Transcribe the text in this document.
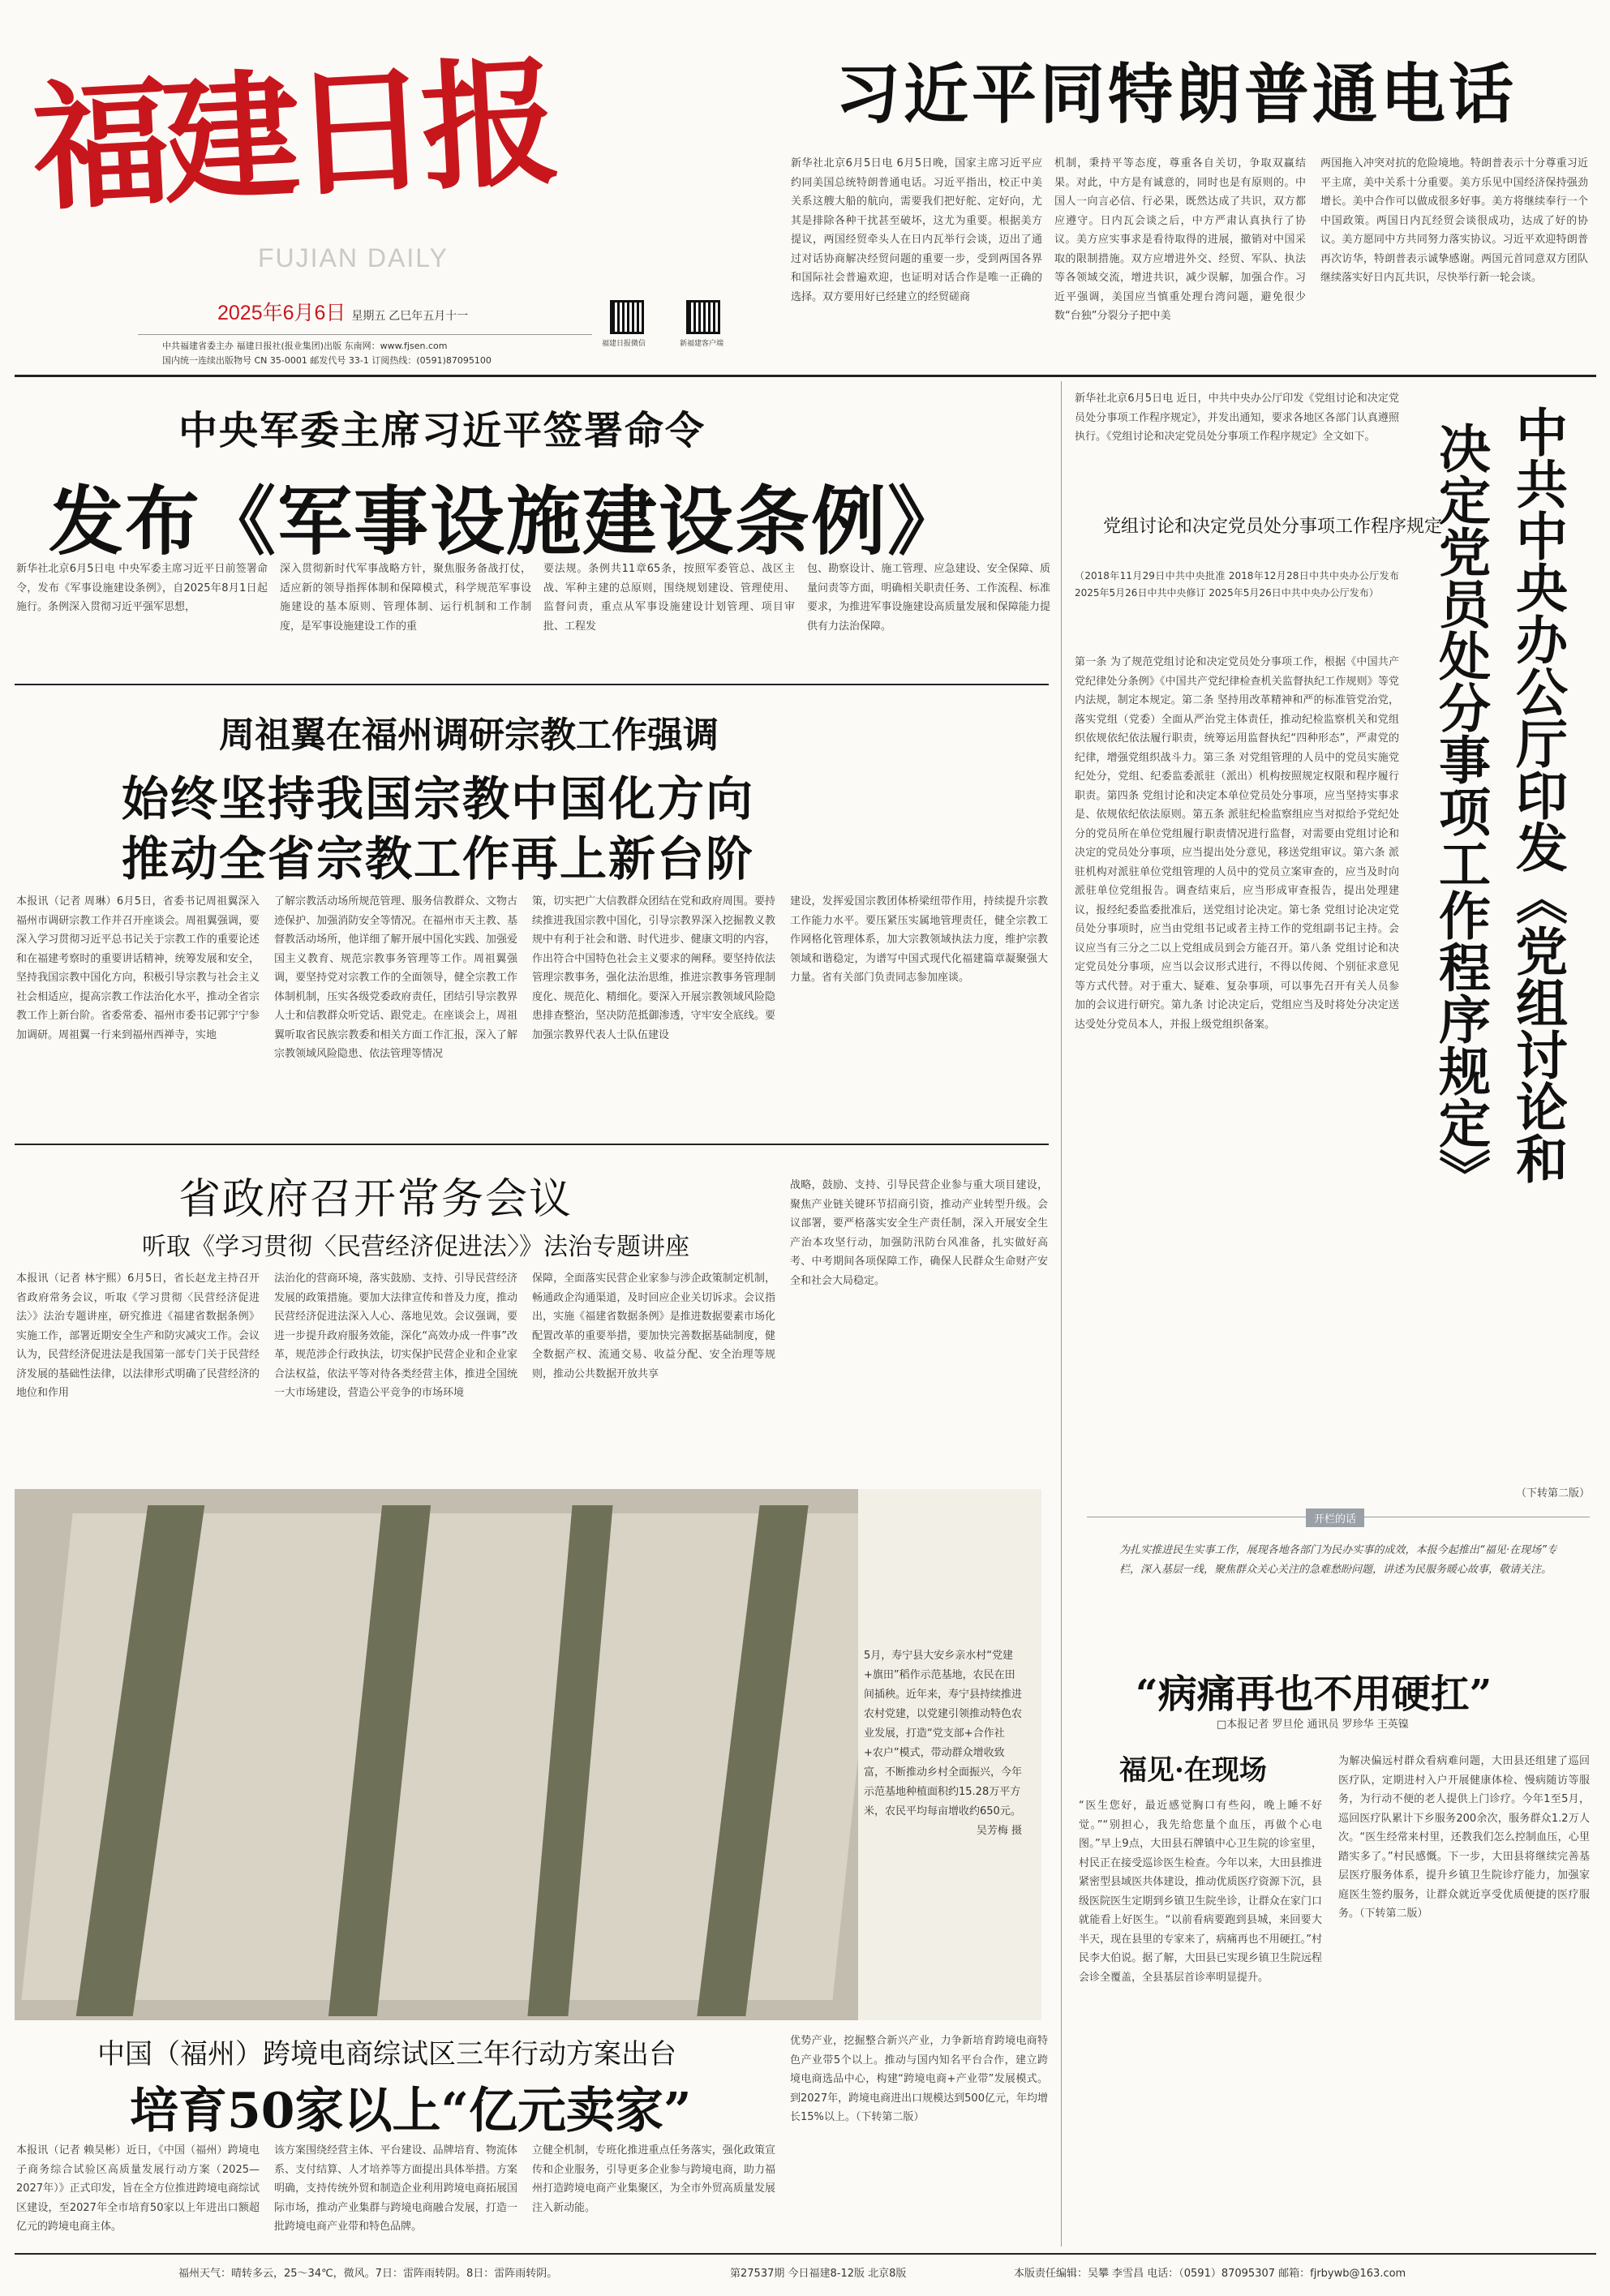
福建日报
FUJIAN DAILY
2025年6月6日 星期五 乙巳年五月十一
中共福建省委主办 福建日报社(报业集团)出版 东南网：www.fjsen.com
国内统一连续出版物号 CN 35-0001 邮发代号 33-1 订阅热线：(0591)87095100
福建日报微信	新福建客户端
习近平同特朗普通电话
新华社北京6月5日电 6月5日晚，国家主席习近平应约同美国总统特朗普通电话。习近平指出，校正中美关系这艘大船的航向，需要我们把好舵、定好向，尤其是排除各种干扰甚至破坏，这尤为重要。根据美方提议，两国经贸牵头人在日内瓦举行会谈，迈出了通过对话协商解决经贸问题的重要一步，受到两国各界和国际社会普遍欢迎，也证明对话合作是唯一正确的选择。双方要用好已经建立的经贸磋商
机制，秉持平等态度，尊重各自关切，争取双赢结果。对此，中方是有诚意的，同时也是有原则的。中国人一向言必信、行必果，既然达成了共识，双方都应遵守。日内瓦会谈之后，中方严肃认真执行了协议。美方应实事求是看待取得的进展，撤销对中国采取的限制措施。双方应增进外交、经贸、军队、执法等各领域交流，增进共识，减少误解，加强合作。习近平强调，美国应当慎重处理台湾问题，避免很少数“台独”分裂分子把中美
两国拖入冲突对抗的危险境地。特朗普表示十分尊重习近平主席，美中关系十分重要。美方乐见中国经济保持强劲增长。美中合作可以做成很多好事。美方将继续奉行一个中国政策。两国日内瓦经贸会谈很成功，达成了好的协议。美方愿同中方共同努力落实协议。习近平欢迎特朗普再次访华，特朗普表示诚挚感谢。两国元首同意双方团队继续落实好日内瓦共识，尽快举行新一轮会谈。
中央军委主席习近平签署命令
发布《军事设施建设条例》
新华社北京6月5日电 中央军委主席习近平日前签署命令，发布《军事设施建设条例》，自2025年8月1日起施行。条例深入贯彻习近平强军思想，
深入贯彻新时代军事战略方针，聚焦服务备战打仗，适应新的领导指挥体制和保障模式，科学规范军事设施建设的基本原则、管理体制、运行机制和工作制度，是军事设施建设工作的重
要法规。条例共11章65条，按照军委管总、战区主战、军种主建的总原则，围绕规划建设、管理使用、监督问责，重点从军事设施建设计划管理、项目审批、工程发
包、勘察设计、施工管理、应急建设、安全保障、质量问责等方面，明确相关职责任务、工作流程、标准要求，为推进军事设施建设高质量发展和保障能力提供有力法治保障。
周祖翼在福州调研宗教工作强调
始终坚持我国宗教中国化方向
推动全省宗教工作再上新台阶
本报讯（记者 周琳）6月5日，省委书记周祖翼深入福州市调研宗教工作并召开座谈会。周祖翼强调，要深入学习贯彻习近平总书记关于宗教工作的重要论述和在福建考察时的重要讲话精神，统筹发展和安全，坚持我国宗教中国化方向，积极引导宗教与社会主义社会相适应，提高宗教工作法治化水平，推动全省宗教工作上新台阶。省委常委、福州市委书记郭宁宁参加调研。周祖翼一行来到福州西禅寺，实地
了解宗教活动场所规范管理、服务信教群众、文物古迹保护、加强消防安全等情况。在福州市天主教、基督教活动场所，他详细了解开展中国化实践、加强爱国主义教育、规范宗教事务管理等工作。周祖翼强调，要坚持党对宗教工作的全面领导，健全宗教工作体制机制，压实各级党委政府责任，团结引导宗教界人士和信教群众听党话、跟党走。在座谈会上，周祖翼听取省民族宗教委和相关方面工作汇报，深入了解宗教领域风险隐患、依法管理等情况
策，切实把广大信教群众团结在党和政府周围。要持续推进我国宗教中国化，引导宗教界深入挖掘教义教规中有利于社会和谐、时代进步、健康文明的内容，作出符合中国特色社会主义要求的阐释。要坚持依法管理宗教事务，强化法治思维，推进宗教事务管理制度化、规范化、精细化。要深入开展宗教领域风险隐患排查整治，坚决防范抵御渗透，守牢安全底线。要加强宗教界代表人士队伍建设
建设，发挥爱国宗教团体桥梁纽带作用，持续提升宗教工作能力水平。要压紧压实属地管理责任，健全宗教工作网格化管理体系，加大宗教领域执法力度，维护宗教领域和谐稳定，为谱写中国式现代化福建篇章凝聚强大力量。省有关部门负责同志参加座谈。
省政府召开常务会议
听取《学习贯彻〈民营经济促进法〉》法治专题讲座
本报讯（记者 林宇熙）6月5日，省长赵龙主持召开省政府常务会议，听取《学习贯彻〈民营经济促进法〉》法治专题讲座，研究推进《福建省数据条例》实施工作，部署近期安全生产和防灾减灾工作。会议认为，民营经济促进法是我国第一部专门关于民营经济发展的基础性法律，以法律形式明确了民营经济的地位和作用
法治化的营商环境，落实鼓励、支持、引导民营经济发展的政策措施。要加大法律宣传和普及力度，推动民营经济促进法深入人心、落地见效。会议强调，要进一步提升政府服务效能，深化“高效办成一件事”改革，规范涉企行政执法，切实保护民营企业和企业家合法权益，依法平等对待各类经营主体，推进全国统一大市场建设，营造公平竞争的市场环境
保障，全面落实民营企业家参与涉企政策制定机制，畅通政企沟通渠道，及时回应企业关切诉求。会议指出，实施《福建省数据条例》是推进数据要素市场化配置改革的重要举措，要加快完善数据基础制度，健全数据产权、流通交易、收益分配、安全治理等规则，推动公共数据开放共享
战略，鼓励、支持、引导民营企业参与重大项目建设，聚焦产业链关键环节招商引资，推动产业转型升级。会议部署，要严格落实安全生产责任制，深入开展安全生产治本攻坚行动，加强防汛防台风准备，扎实做好高考、中考期间各项保障工作，确保人民群众生命财产安全和社会大局稳定。
5月，寿宁县大安乡亲水村“党建+旗田”稻作示范基地，农民在田间插秧。近年来，寿宁县持续推进农村党建，以党建引领推动特色农业发展，打造“党支部+合作社+农户”模式，带动群众增收致富，不断推动乡村全面振兴，今年示范基地种植面积约15.28万平方米，农民平均每亩增收约650元。

吴芳梅 摄
中国（福州）跨境电商综试区三年行动方案出台
培育50家以上“亿元卖家”
本报讯（记者 赖昊彬）近日，《中国（福州）跨境电子商务综合试验区高质量发展行动方案（2025—2027年）》正式印发，旨在全方位推进跨境电商综试区建设，至2027年全市培育50家以上年进出口额超亿元的跨境电商主体。
该方案围绕经营主体、平台建设、品牌培育、物流体系、支付结算、人才培养等方面提出具体举措。方案明确，支持传统外贸和制造企业利用跨境电商拓展国际市场，推动产业集群与跨境电商融合发展，打造一批跨境电商产业带和特色品牌。
立健全机制，专班化推进重点任务落实，强化政策宣传和企业服务，引导更多企业参与跨境电商，助力福州打造跨境电商产业集聚区，为全市外贸高质量发展注入新动能。
优势产业，挖掘整合新兴产业，力争新培育跨境电商特色产业带5个以上。推动与国内知名平台合作，建立跨境电商选品中心，构建“跨境电商+产业带”发展模式。到2027年，跨境电商进出口规模达到500亿元，年均增长15%以上。（下转第二版）
新华社北京6月5日电 近日，中共中央办公厅印发《党组讨论和决定党员处分事项工作程序规定》，并发出通知，要求各地区各部门认真遵照执行。《党组讨论和决定党员处分事项工作程序规定》全文如下。
党组讨论和决定党员处分事项工作程序规定
（2018年11月29日中共中央批准 2018年12月28日中共中央办公厅发布 2025年5月26日中共中央修订 2025年5月26日中共中央办公厅发布）
第一条 为了规范党组讨论和决定党员处分事项工作，根据《中国共产党纪律处分条例》《中国共产党纪律检查机关监督执纪工作规则》等党内法规，制定本规定。第二条 坚持用改革精神和严的标准管党治党，落实党组（党委）全面从严治党主体责任，推动纪检监察机关和党组织依规依纪依法履行职责，统筹运用监督执纪“四种形态”，严肃党的纪律，增强党组织战斗力。第三条 对党组管理的人员中的党员实施党纪处分，党组、纪委监委派驻（派出）机构按照规定权限和程序履行职责。第四条 党组讨论和决定本单位党员处分事项，应当坚持实事求是、依规依纪依法原则。第五条 派驻纪检监察组应当对拟给予党纪处分的党员所在单位党组履行职责情况进行监督，对需要由党组讨论和决定的党员处分事项，应当提出处分意见，移送党组审议。第六条 派驻机构对派驻单位党组管理的人员中的党员立案审查的，应当及时向派驻单位党组报告。调查结束后，应当形成审查报告，提出处理建议，报经纪委监委批准后，送党组讨论决定。第七条 党组讨论决定党员处分事项时，应当由党组书记或者主持工作的党组副书记主持。会议应当有三分之二以上党组成员到会方能召开。第八条 党组讨论和决定党员处分事项，应当以会议形式进行，不得以传阅、个别征求意见等方式代替。对于重大、疑难、复杂事项，可以事先召开有关人员参加的会议进行研究。第九条 讨论决定后，党组应当及时将处分决定送达受处分党员本人，并报上级党组织备案。	中共中央办公厅印发《党组讨论和
决定党员处分事项工作程序规定》
（下转第二版）
开栏的话
为扎实推进民生实事工作，展现各地各部门为民办实事的成效，本报今起推出“福见·在现场”专栏，深入基层一线，聚焦群众关心关注的急难愁盼问题，讲述为民服务暖心故事，敬请关注。
“病痛再也不用硬扛”
□本报记者 罗旦伦 通讯员 罗珍华 王英镍
福见·在现场
“医生您好，最近感觉胸口有些闷，晚上睡不好觉。”“别担心，我先给您量个血压，再做个心电图。”早上9点，大田县石牌镇中心卫生院的诊室里，村民正在接受巡诊医生检查。今年以来，大田县推进紧密型县域医共体建设，推动优质医疗资源下沉，县级医院医生定期到乡镇卫生院坐诊，让群众在家门口就能看上好医生。“以前看病要跑到县城，来回要大半天，现在县里的专家来了，病痛再也不用硬扛。”村民李大伯说。据了解，大田县已实现乡镇卫生院远程会诊全覆盖，全县基层首诊率明显提升。
为解决偏远村群众看病难问题，大田县还组建了巡回医疗队，定期进村入户开展健康体检、慢病随访等服务，为行动不便的老人提供上门诊疗。今年1至5月，巡回医疗队累计下乡服务200余次，服务群众1.2万人次。“医生经常来村里，还教我们怎么控制血压，心里踏实多了。”村民感慨。下一步，大田县将继续完善基层医疗服务体系，提升乡镇卫生院诊疗能力，加强家庭医生签约服务，让群众就近享受优质便捷的医疗服务。（下转第二版）
福州天气：晴转多云，25～34℃，微风。7日：雷阵雨转阴。8日：雷阵雨转阴。	第27537期 今日福建8-12版 北京8版	本版责任编辑：吴攀 李雪昌 电话：（0591）87095307 邮箱：fjrbywb@163.com
